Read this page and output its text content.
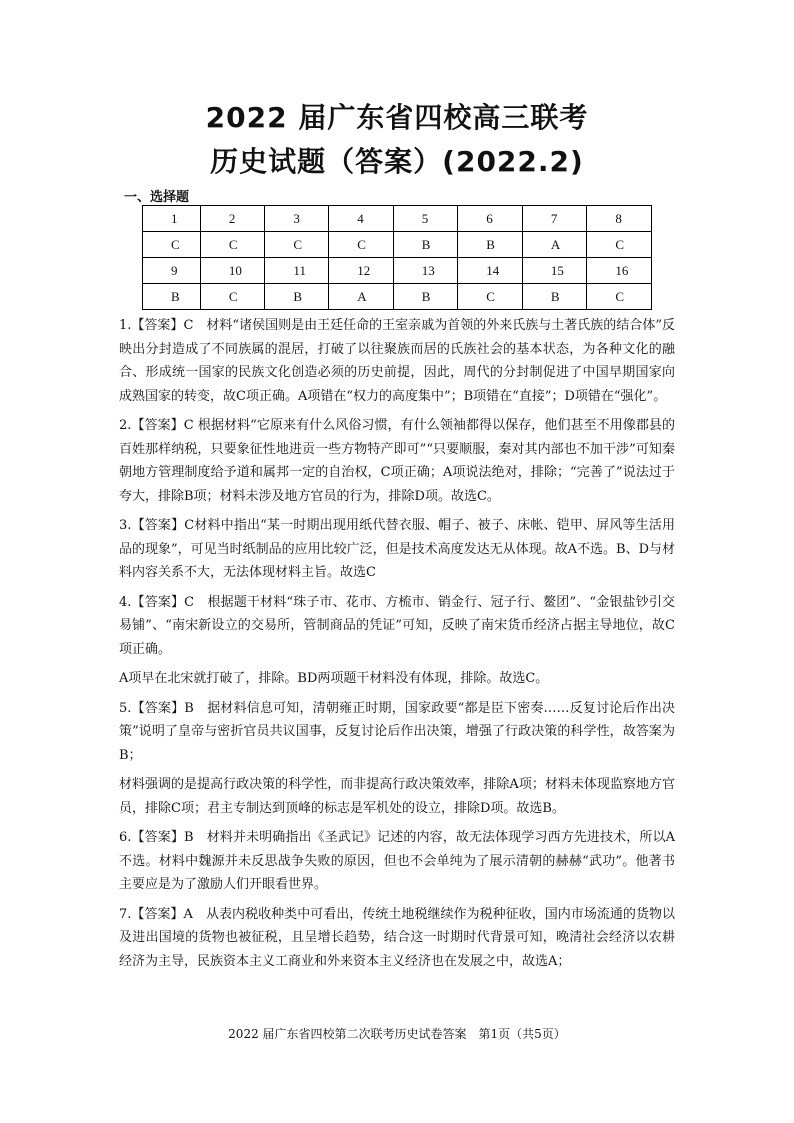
2022 届广东省四校高三联考
历史试题（答案）(2022.2)
一、选择题
1	2	3	4	5	6	7	8
C	C	C	C	B	B	A	C
9	10	11	12	13	14	15	16
B	C	B	A	B	C	B	C

1.【答案】C　材料“诸侯国则是由王廷任命的王室亲戚为首领的外来氏族与土著氏族的结合体”反映出分封造成了不同族属的混居，打破了以往聚族而居的氏族社会的基本状态，为各种文化的融合、形成统一国家的民族文化创造必须的历史前提，因此，周代的分封制促进了中国早期国家向成熟国家的转变，故C项正确。A项错在“权力的高度集中”；B项错在“直接”；D项错在“强化”。

2.【答案】C 根据材料“它原来有什么风俗习惯，有什么领袖都得以保存，他们甚至不用像郡县的百姓那样纳税，只要象征性地进贡一些方物特产即可”“只要顺服，秦对其内部也不加干涉”可知秦朝地方管理制度给予道和属邦一定的自治权，C项正确；A项说法绝对，排除；“完善了”说法过于夸大，排除B项；材料未涉及地方官员的行为，排除D项。故选C。

3.【答案】C材料中指出“某一时期出现用纸代替衣服、帽子、被子、床帐、铠甲、屏风等生活用品的现象”，可见当时纸制品的应用比较广泛，但是技术高度发达无从体现。故A不选。B、D与材料内容关系不大，无法体现材料主旨。故选C

4.【答案】C　根据题干材料“珠子市、花市、方梳市、销金行、冠子行、鳌团”、“金银盐钞引交易铺”、“南宋新设立的交易所，管制商品的凭证”可知，反映了南宋货币经济占据主导地位，故C项正确。

A项早在北宋就打破了，排除。BD两项题干材料没有体现，排除。故选C。

5.【答案】B　据材料信息可知，清朝雍正时期，国家政要“都是臣下密奏……反复讨论后作出决策”说明了皇帝与密折官员共议国事，反复讨论后作出决策，增强了行政决策的科学性，故答案为B；

材料强调的是提高行政决策的科学性，而非提高行政决策效率，排除A项；材料未体现监察地方官员，排除C项；君主专制达到顶峰的标志是军机处的设立，排除D项。故选B。

6.【答案】B　材料并未明确指出《圣武记》记述的内容，故无法体现学习西方先进技术，所以A不选。材料中魏源并未反思战争失败的原因，但也不会单纯为了展示清朝的赫赫“武功”。他著书主要应是为了激励人们开眼看世界。

7.【答案】A　从表内税收种类中可看出，传统土地税继续作为税种征收，国内市场流通的货物以及进出国境的货物也被征税，且呈增长趋势，结合这一时期时代背景可知，晚清社会经济以农耕经济为主导，民族资本主义工商业和外来资本主义经济也在发展之中，故选A；

2022 届广东省四校第二次联考历史试卷答案　第1页（共5页）
